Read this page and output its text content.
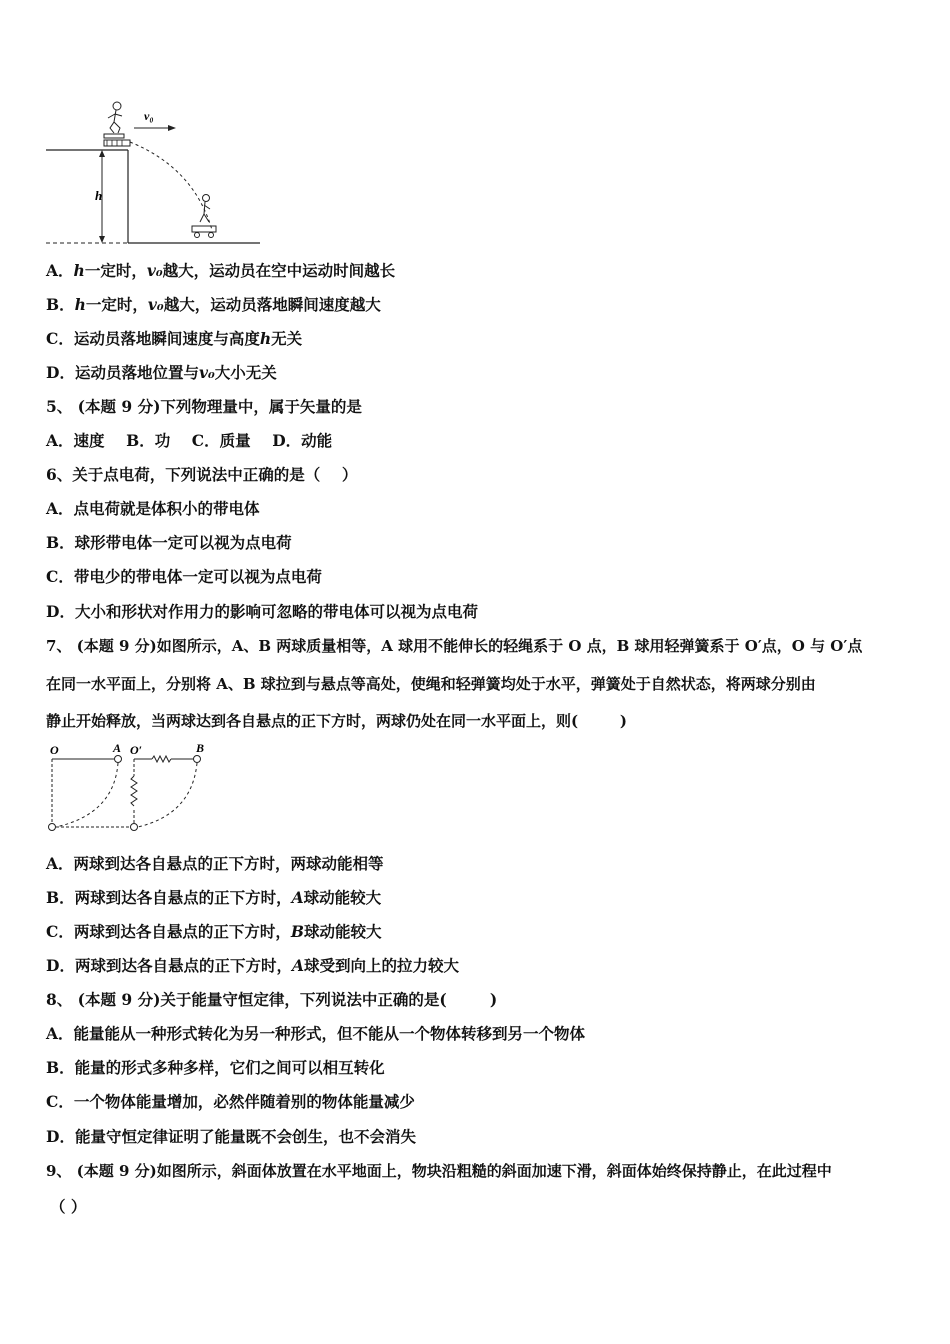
v₀
h
A．h一定时，v₀越大，运动员在空中运动时间越长
B．h一定时，v₀越大，运动员落地瞬间速度越大
C．运动员落地瞬间速度与高度h无关
D．运动员落地位置与v₀大小无关
5、 (本题 9 分)下列物理量中，属于矢量的是
A．速度    B．功    C．质量    D．动能
6、关于点电荷，下列说法中正确的是（    ）
A．点电荷就是体积小的带电体
B．球形带电体一定可以视为点电荷
C．带电少的带电体一定可以视为点电荷
D．大小和形状对作用力的影响可忽略的带电体可以视为点电荷
7、 (本题 9 分)如图所示，A、B 两球质量相等，A 球用不能伸长的轻绳系于 O 点，B 球用轻弹簧系于 O′点，O 与 O′点
在同一水平面上，分别将 A、B 球拉到与悬点等高处，使绳和轻弹簧均处于水平，弹簧处于自然状态，将两球分别由
静止开始释放，当两球达到各自悬点的正下方时，两球仍处在同一水平面上，则(        )
O	A O′	B
A．两球到达各自悬点的正下方时，两球动能相等
B．两球到达各自悬点的正下方时，A球动能较大
C．两球到达各自悬点的正下方时，B球动能较大
D．两球到达各自悬点的正下方时，A球受到向上的拉力较大
8、 (本题 9 分)关于能量守恒定律，下列说法中正确的是(        )
A．能量能从一种形式转化为另一种形式，但不能从一个物体转移到另一个物体
B．能量的形式多种多样，它们之间可以相互转化
C．一个物体能量增加，必然伴随着别的物体能量减少
D．能量守恒定律证明了能量既不会创生，也不会消失
9、 (本题 9 分)如图所示，斜面体放置在水平地面上，物块沿粗糙的斜面加速下滑，斜面体始终保持静止，在此过程中
（ ）
